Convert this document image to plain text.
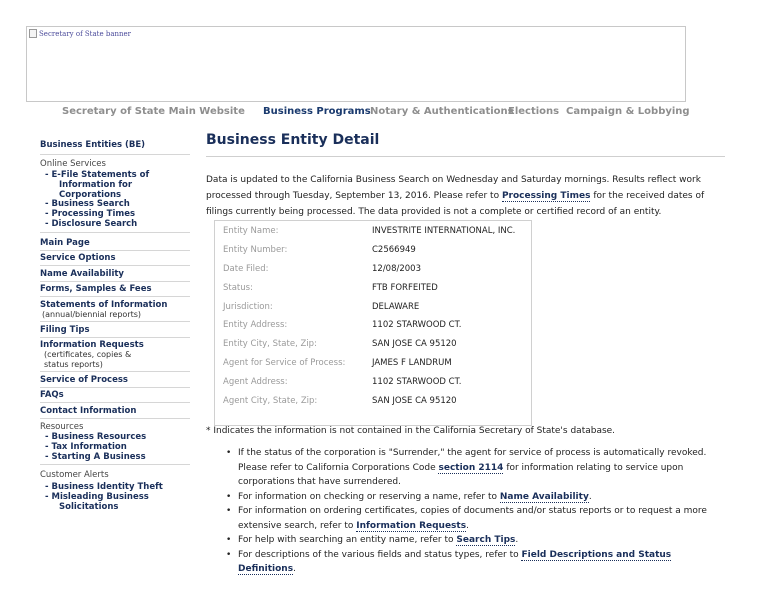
Secretary of State banner
Secretary of State Main Website Business Programs Notary & Authentications
Elections Campaign & Lobbying
Business Entities (BE)
Online Services
- E-File Statements of
Information for
Corporations
- Business Search
- Processing Times
- Disclosure Search
Main Page
Service Options
Name Availability
Forms, Samples & Fees
Statements of Information
(annual/biennial reports)
Filing Tips
Information Requests
(certificates, copies &
status reports)
Service of Process
FAQs
Contact Information
Resources
- Business Resources
- Tax Information
- Starting A Business
Customer Alerts
- Business Identity Theft
- Misleading Business
Solicitations
Business Entity Detail
Data is updated to the California Business Search on Wednesday and Saturday mornings. Results reflect work processed through Tuesday, September 13, 2016. Please refer to Processing Times for the received dates of filings currently being processed. The data provided is not a complete or certified record of an entity.
Entity Name:	INVESTRITE INTERNATIONAL, INC.
Entity Number:	C2566949
Date Filed:	12/08/2003
Status:	FTB FORFEITED
Jurisdiction:	DELAWARE
Entity Address:	1102 STARWOOD CT.
Entity City, State, Zip:	SAN JOSE CA 95120
Agent for Service of Process:	JAMES F LANDRUM
Agent Address:	1102 STARWOOD CT.
Agent City, State, Zip:	SAN JOSE CA 95120
* Indicates the information is not contained in the California Secretary of State's database.
• If the status of the corporation is "Surrender," the agent for service of process is automatically revoked. Please refer to California Corporations Code section 2114 for information relating to service upon corporations that have surrendered.
• For information on checking or reserving a name, refer to Name Availability.
• For information on ordering certificates, copies of documents and/or status reports or to request a more extensive search, refer to Information Requests.
• For help with searching an entity name, refer to Search Tips.
• For descriptions of the various fields and status types, refer to Field Descriptions and Status Definitions.
